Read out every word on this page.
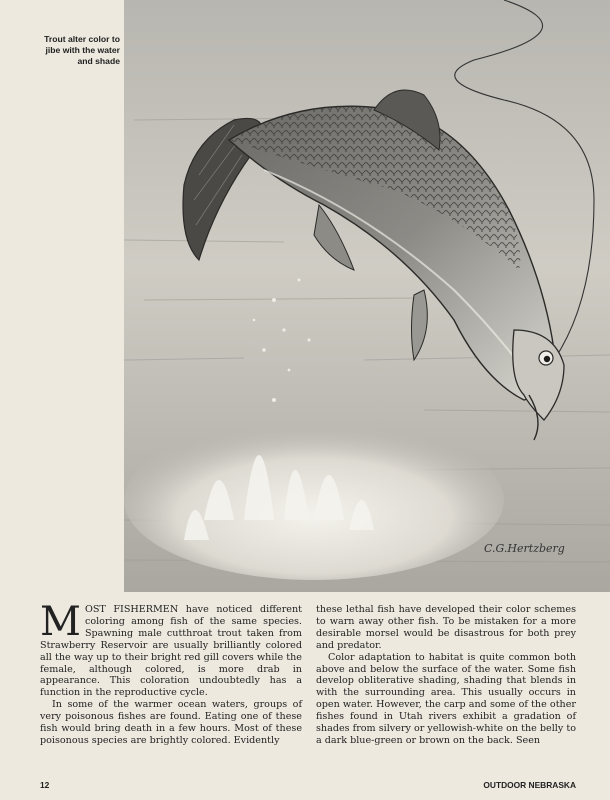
Trout alter color to jibe with the water and shade
C.G.Hertzberg

MOST FISHERMEN have noticed different coloring among fish of the same species. Spawning male cutthroat trout taken from Strawberry Reservoir are usually brilliantly colored all the way up to their bright red gill covers while the female, although colored, is more drab in appearance. This coloration undoubtedly has a function in the reproductive cycle.

In some of the warmer ocean waters, groups of very poisonous fishes are found. Eating one of these fish would bring death in a few hours. Most of these poisonous species are brightly colored. Evidently

these lethal fish have developed their color schemes to warn away other fish. To be mistaken for a more desirable morsel would be disastrous for both prey and predator.

Color adaptation to habitat is quite common both above and below the surface of the water. Some fish develop obliterative shading, shading that blends in with the surrounding area. This usually occurs in open water. However, the carp and some of the other fishes found in Utah rivers exhibit a gradation of shades from silvery or yellowish-white on the belly to a dark blue-green or brown on the back. Seen

12	OUTDOOR NEBRASKA
